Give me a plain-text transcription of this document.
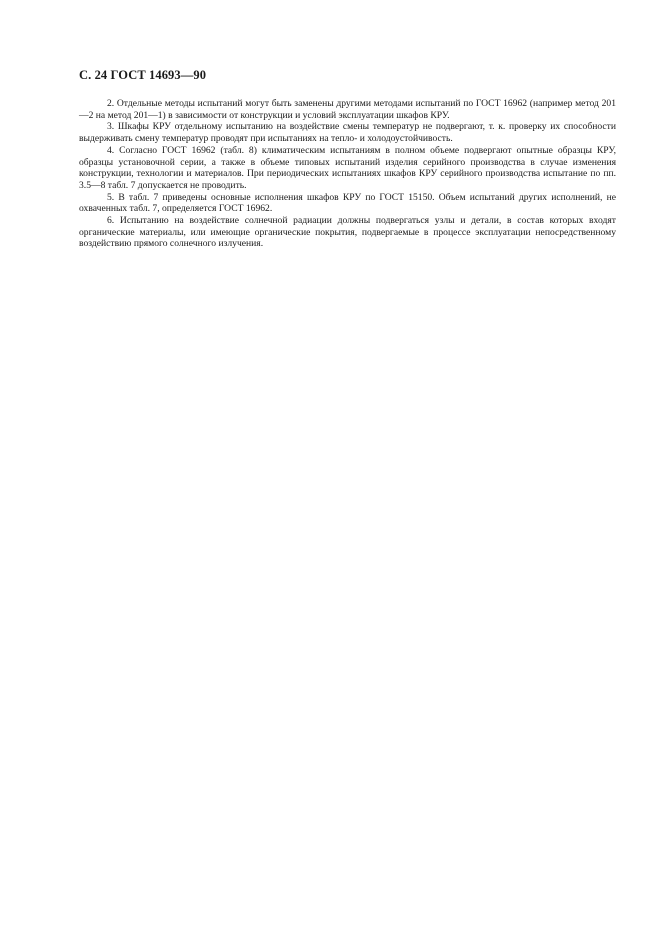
С. 24 ГОСТ 14693—90

2. Отдельные методы испытаний могут быть заменены другими методами испытаний по ГОСТ 16962 (например метод 201—2 на метод 201—1) в зависимости от конструкции и условий эксплуатации шкафов КРУ.

3. Шкафы КРУ отдельному испытанию на воздействие смены температур не подвергают, т. к. проверку их способности выдерживать смену температур проводят при испытаниях на тепло- и холодоустойчивость.

4. Согласно ГОСТ 16962 (табл. 8) климатическим испытаниям в полном объеме подвергают опытные образцы КРУ, образцы установочной серии, а также в объеме типовых испытаний изделия серийного производства в случае изменения конструкции, технологии и материалов. При периодических испытаниях шкафов КРУ серийного производства испытание по пп. 3.5—8 табл. 7 допускается не проводить.

5. В табл. 7 приведены основные исполнения шкафов КРУ по ГОСТ 15150. Объем испытаний других исполнений, не охваченных табл. 7, определяется ГОСТ 16962.

6. Испытанию на воздействие солнечной радиации должны подвергаться узлы и детали, в состав которых входят органические материалы, или имеющие органические покрытия, подвергаемые в процессе эксплуатации непосредственному воздействию прямого солнечного излучения.
